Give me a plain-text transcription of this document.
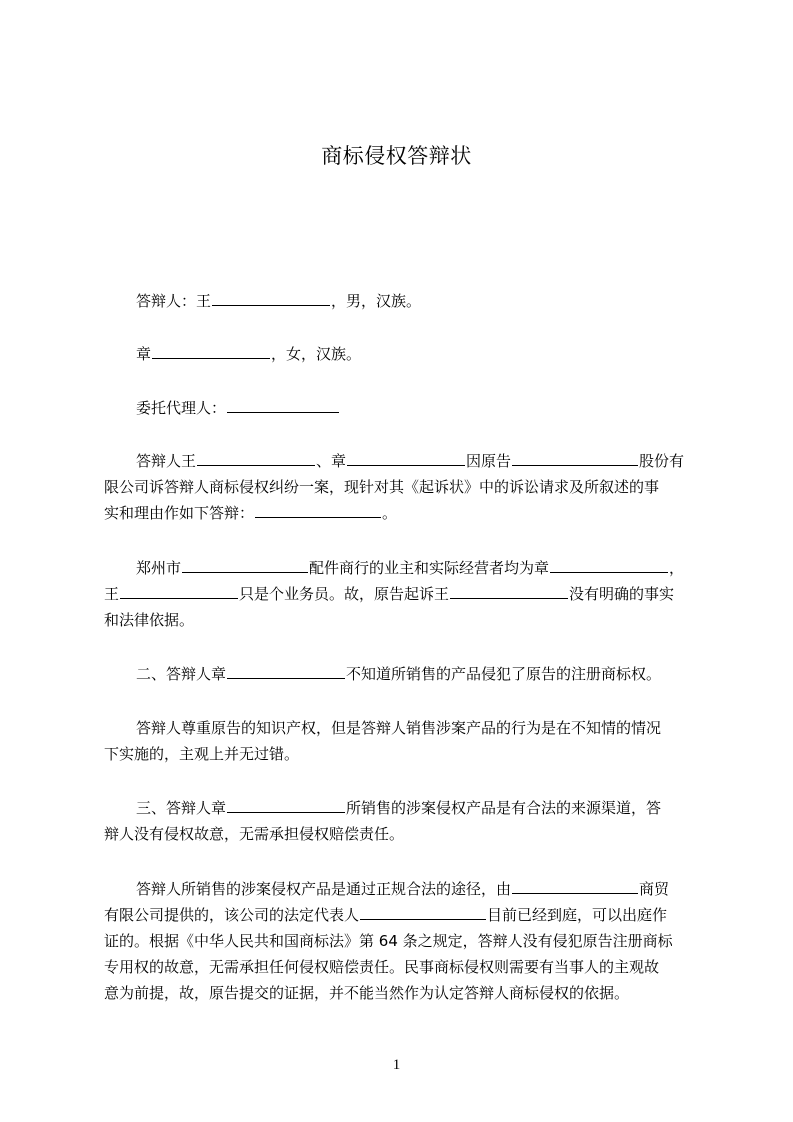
商标侵权答辩状
答辩人：王	，男，汉族。
章	，女，汉族。
委托代理人：
答辩人王	、章	因原告	股份有
限公司诉答辩人商标侵权纠纷一案，现针对其《起诉状》中的诉讼请求及所叙述的事
实和理由作如下答辩：	。
郑州市	配件商行的业主和实际经营者均为章	，
王	只是个业务员。故，原告起诉王	没有明确的事实
和法律依据。
二、答辩人章	不知道所销售的产品侵犯了原告的注册商标权。
答辩人尊重原告的知识产权，但是答辩人销售涉案产品的行为是在不知情的情况
下实施的，主观上并无过错。
三、答辩人章	所销售的涉案侵权产品是有合法的来源渠道，答
辩人没有侵权故意，无需承担侵权赔偿责任。
答辩人所销售的涉案侵权产品是通过正规合法的途径，由	商贸
有限公司提供的，该公司的法定代表人	目前已经到庭，可以出庭作
证的。根据《中华人民共和国商标法》第 64 条之规定，答辩人没有侵犯原告注册商标
专用权的故意，无需承担任何侵权赔偿责任。民事商标侵权则需要有当事人的主观故
意为前提，故，原告提交的证据，并不能当然作为认定答辩人商标侵权的依据。
1
